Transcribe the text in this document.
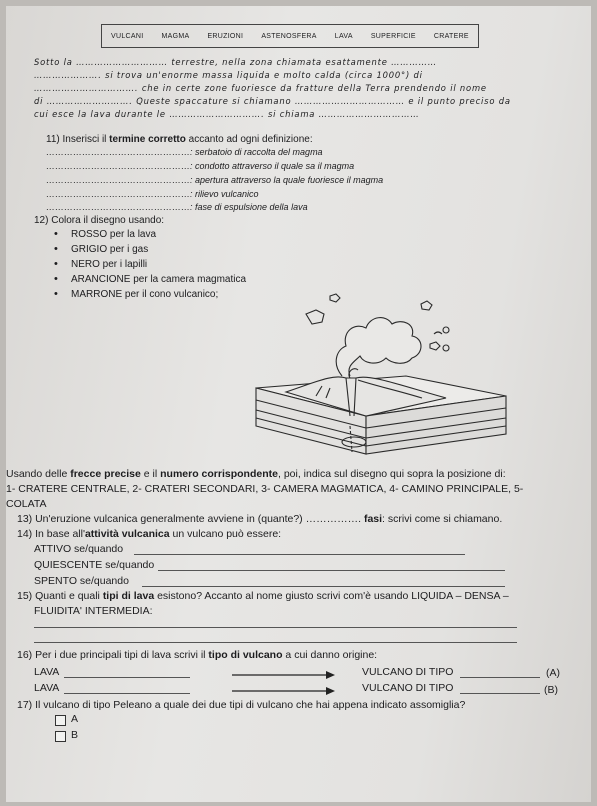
VULCANI	MAGMA	ERUZIONI	ASTENOSFERA	LAVA	SUPERFICIE	CRATERE
Sotto la ………………………… terrestre, nella zona chiamata esattamente ……………
…………………. si trova un'enorme massa liquida e molto calda (circa 1000°) di
……………………………. che in certe zone fuoriesce da fratture della Terra prendendo il nome
di ………………………. Queste spaccature si chiamano ……………………………… e il punto preciso da
cui esce la lava durante le …………………………. si chiama ……………………………
11) Inserisci il termine corretto accanto ad ogni definizione:
…………………………………………: serbatoio di raccolta del magma
…………………………………………: condotto attraverso il quale sa il magma
…………………………………………: apertura attraverso la quale fuoriesce il magma
…………………………………………: rilievo vulcanico
…………………………………………: fase di espulsione della lava
12) Colora il disegno usando:
• ROSSO per la lava
• GRIGIO per i gas
• NERO per i lapilli
• ARANCIONE per la camera magmatica
• MARRONE per il cono vulcanico;
Usando delle frecce precise e il numero corrispondente, poi, indica sul disegno qui sopra la posizione di:
1- CRATERE CENTRALE, 2- CRATERI SECONDARI, 3- CAMERA MAGMATICA, 4- CAMINO PRINCIPALE, 5-
COLATA
13) Un'eruzione vulcanica generalmente avviene in (quante?) ……………. fasi: scrivi come si chiamano.
14) In base all'attività vulcanica un vulcano può essere:
ATTIVO se/quando
QUIESCENTE se/quando
SPENTO se/quando
15) Quanti e quali tipi di lava esistono? Accanto al nome giusto scrivi com'è usando LIQUIDA – DENSA –
FLUIDITA' INTERMEDIA:
16) Per i due principali tipi di lava scrivi il tipo di vulcano a cui danno origine:
LAVA	VULCANO DI TIPO	(A)
LAVA	VULCANO DI TIPO	(B)
17) Il vulcano di tipo Peleano a quale dei due tipi di vulcano che hai appena indicato assomiglia?
A
B
